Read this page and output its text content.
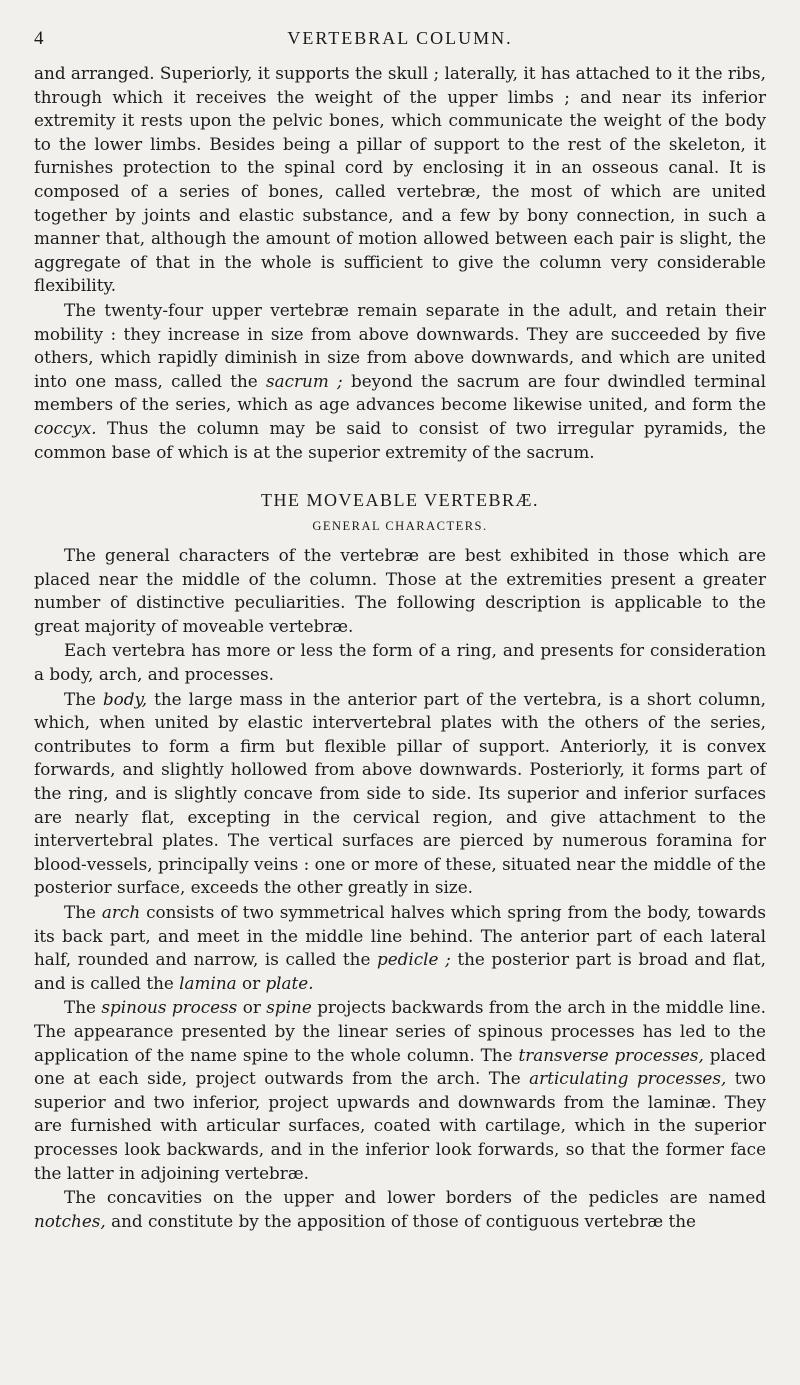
4	VERTEBRAL COLUMN.

and arranged. Superiorly, it supports the skull ; laterally, it has attached to it the ribs, through which it receives the weight of the upper limbs ; and near its inferior extremity it rests upon the pelvic bones, which communicate the weight of the body to the lower limbs. Besides being a pillar of support to the rest of the skeleton, it furnishes protection to the spinal cord by enclosing it in an osseous canal. It is composed of a series of bones, called vertebræ, the most of which are united together by joints and elastic substance, and a few by bony connection, in such a manner that, although the amount of motion allowed between each pair is slight, the aggregate of that in the whole is sufficient to give the column very considerable flexibility.

The twenty-four upper vertebræ remain separate in the adult, and retain their mobility : they increase in size from above downwards. They are succeeded by five others, which rapidly diminish in size from above downwards, and which are united into one mass, called the sacrum ; beyond the sacrum are four dwindled terminal members of the series, which as age advances become likewise united, and form the coccyx. Thus the column may be said to consist of two irregular pyramids, the common base of which is at the superior extremity of the sacrum.

THE MOVEABLE VERTEBRÆ.
GENERAL CHARACTERS.

The general characters of the vertebræ are best exhibited in those which are placed near the middle of the column. Those at the extremities present a greater number of distinctive peculiarities. The following description is applicable to the great majority of moveable vertebræ.

Each vertebra has more or less the form of a ring, and presents for consideration a body, arch, and processes.

The body, the large mass in the anterior part of the vertebra, is a short column, which, when united by elastic intervertebral plates with the others of the series, contributes to form a firm but flexible pillar of support. Anteriorly, it is convex forwards, and slightly hollowed from above downwards. Posteriorly, it forms part of the ring, and is slightly concave from side to side. Its superior and inferior surfaces are nearly flat, excepting in the cervical region, and give attachment to the intervertebral plates. The vertical surfaces are pierced by numerous foramina for blood-vessels, principally veins : one or more of these, situated near the middle of the posterior surface, exceeds the other greatly in size.

The arch consists of two symmetrical halves which spring from the body, towards its back part, and meet in the middle line behind. The anterior part of each lateral half, rounded and narrow, is called the pedicle ; the posterior part is broad and flat, and is called the lamina or plate.

The spinous process or spine projects backwards from the arch in the middle line. The appearance presented by the linear series of spinous processes has led to the application of the name spine to the whole column. The transverse processes, placed one at each side, project outwards from the arch. The articulating processes, two superior and two inferior, project upwards and downwards from the laminæ. They are furnished with articular surfaces, coated with cartilage, which in the superior processes look backwards, and in the inferior look forwards, so that the former face the latter in adjoining vertebræ.

The concavities on the upper and lower borders of the pedicles are named notches, and constitute by the apposition of those of contiguous vertebræ the
